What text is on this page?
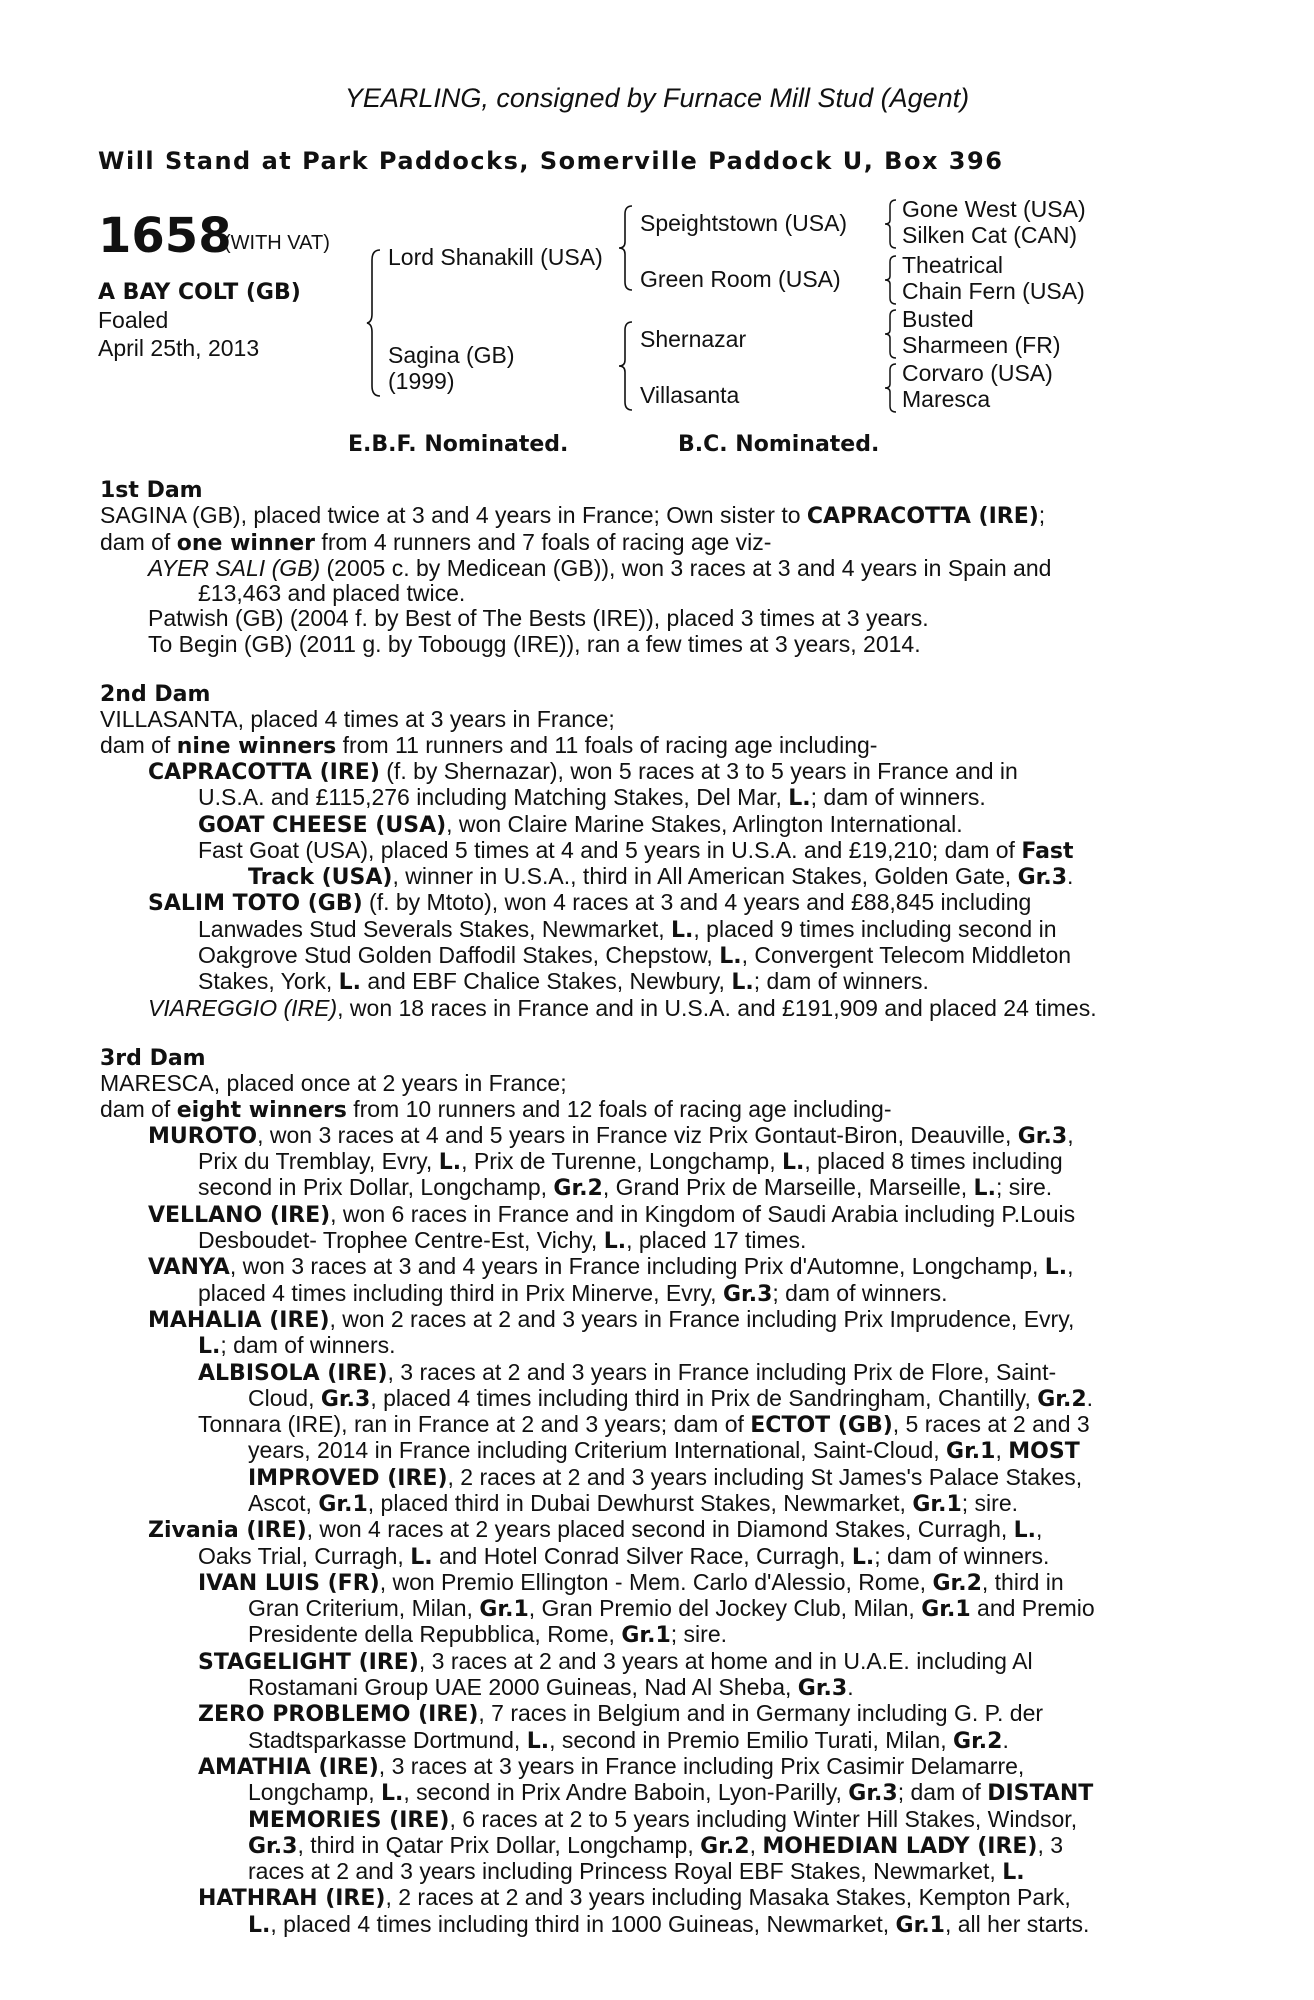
YEARLING, consigned by Furnace Mill Stud (Agent)
Will Stand at Park Paddocks, Somerville Paddock U, Box 396
1658
(WITH VAT)
A BAY COLT (GB)
Foaled
April 25th, 2013
Lord Shanakill (USA)
Sagina (GB)
(1999)
Speightstown (USA)
Green Room (USA)
Shernazar
Villasanta
Gone West (USA)
Silken Cat (CAN)
Theatrical
Chain Fern (USA)
Busted
Sharmeen (FR)
Corvaro (USA)
Maresca
E.B.F. Nominated.	B.C. Nominated.
1st Dam

SAGINA (GB), placed twice at 3 and 4 years in France; Own sister to CAPRACOTTA (IRE);

dam of one winner from 4 runners and 7 foals of racing age viz-

AYER SALI (GB) (2005 c. by Medicean (GB)), won 3 races at 3 and 4 years in Spain and
£13,463 and placed twice.

Patwish (GB) (2004 f. by Best of The Bests (IRE)), placed 3 times at 3 years.

To Begin (GB) (2011 g. by Tobougg (IRE)), ran a few times at 3 years, 2014.

2nd Dam

VILLASANTA, placed 4 times at 3 years in France;

dam of nine winners from 11 runners and 11 foals of racing age including-

CAPRACOTTA (IRE) (f. by Shernazar), won 5 races at 3 to 5 years in France and in
U.S.A. and £115,276 including Matching Stakes, Del Mar, L.; dam of winners.

GOAT CHEESE (USA), won Claire Marine Stakes, Arlington International.

Fast Goat (USA), placed 5 times at 4 and 5 years in U.S.A. and £19,210; dam of Fast
Track (USA), winner in U.S.A., third in All American Stakes, Golden Gate, Gr.3.

SALIM TOTO (GB) (f. by Mtoto), won 4 races at 3 and 4 years and £88,845 including
Lanwades Stud Severals Stakes, Newmarket, L., placed 9 times including second in
Oakgrove Stud Golden Daffodil Stakes, Chepstow, L., Convergent Telecom Middleton
Stakes, York, L. and EBF Chalice Stakes, Newbury, L.; dam of winners.

VIAREGGIO (IRE), won 18 races in France and in U.S.A. and £191,909 and placed 24 times.

3rd Dam

MARESCA, placed once at 2 years in France;

dam of eight winners from 10 runners and 12 foals of racing age including-

MUROTO, won 3 races at 4 and 5 years in France viz Prix Gontaut-Biron, Deauville, Gr.3,
Prix du Tremblay, Evry, L., Prix de Turenne, Longchamp, L., placed 8 times including
second in Prix Dollar, Longchamp, Gr.2, Grand Prix de Marseille, Marseille, L.; sire.

VELLANO (IRE), won 6 races in France and in Kingdom of Saudi Arabia including P.Louis
Desboudet- Trophee Centre-Est, Vichy, L., placed 17 times.

VANYA, won 3 races at 3 and 4 years in France including Prix d'Automne, Longchamp, L.,
placed 4 times including third in Prix Minerve, Evry, Gr.3; dam of winners.

MAHALIA (IRE), won 2 races at 2 and 3 years in France including Prix Imprudence, Evry,
L.; dam of winners.

ALBISOLA (IRE), 3 races at 2 and 3 years in France including Prix de Flore, Saint-
Cloud, Gr.3, placed 4 times including third in Prix de Sandringham, Chantilly, Gr.2.

Tonnara (IRE), ran in France at 2 and 3 years; dam of ECTOT (GB), 5 races at 2 and 3
years, 2014 in France including Criterium International, Saint-Cloud, Gr.1, MOST
IMPROVED (IRE), 2 races at 2 and 3 years including St James's Palace Stakes,
Ascot, Gr.1, placed third in Dubai Dewhurst Stakes, Newmarket, Gr.1; sire.

Zivania (IRE), won 4 races at 2 years placed second in Diamond Stakes, Curragh, L.,
Oaks Trial, Curragh, L. and Hotel Conrad Silver Race, Curragh, L.; dam of winners.

IVAN LUIS (FR), won Premio Ellington - Mem. Carlo d'Alessio, Rome, Gr.2, third in
Gran Criterium, Milan, Gr.1, Gran Premio del Jockey Club, Milan, Gr.1 and Premio
Presidente della Repubblica, Rome, Gr.1; sire.

STAGELIGHT (IRE), 3 races at 2 and 3 years at home and in U.A.E. including Al
Rostamani Group UAE 2000 Guineas, Nad Al Sheba, Gr.3.

ZERO PROBLEMO (IRE), 7 races in Belgium and in Germany including G. P. der
Stadtsparkasse Dortmund, L., second in Premio Emilio Turati, Milan, Gr.2.

AMATHIA (IRE), 3 races at 3 years in France including Prix Casimir Delamarre,
Longchamp, L., second in Prix Andre Baboin, Lyon-Parilly, Gr.3; dam of DISTANT
MEMORIES (IRE), 6 races at 2 to 5 years including Winter Hill Stakes, Windsor,
Gr.3, third in Qatar Prix Dollar, Longchamp, Gr.2, MOHEDIAN LADY (IRE), 3
races at 2 and 3 years including Princess Royal EBF Stakes, Newmarket, L.

HATHRAH (IRE), 2 races at 2 and 3 years including Masaka Stakes, Kempton Park,
L., placed 4 times including third in 1000 Guineas, Newmarket, Gr.1, all her starts.
